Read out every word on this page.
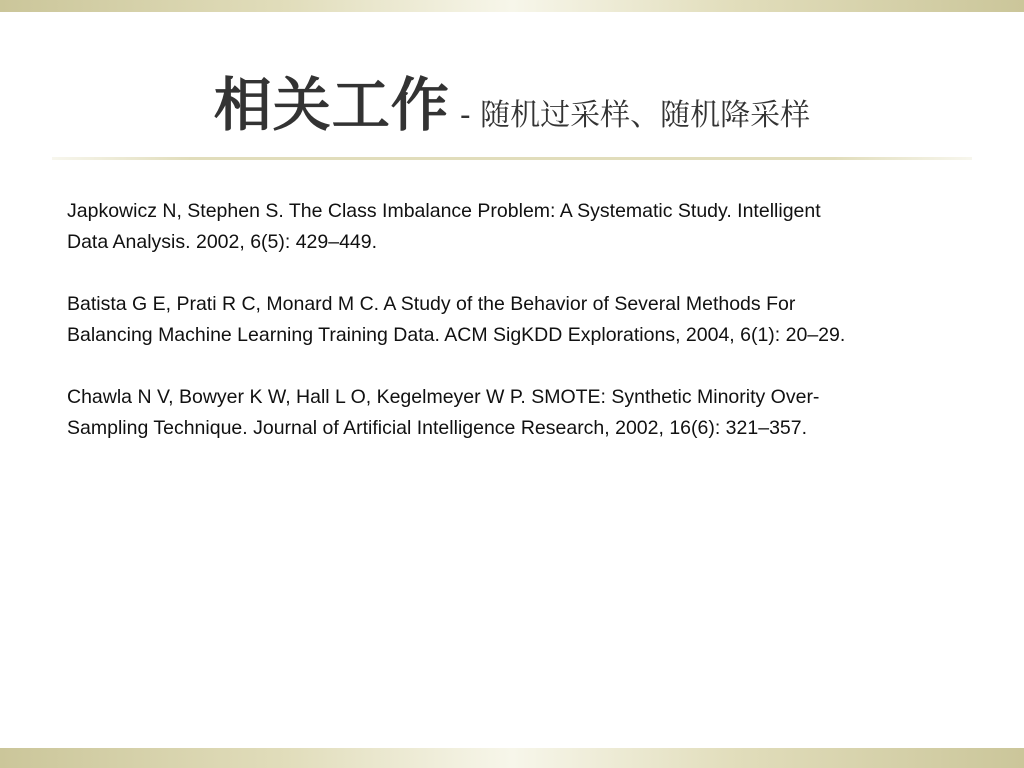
相关工作 - 随机过采样、随机降采样

Japkowicz N, Stephen S. The Class Imbalance Problem: A Systematic Study. Intelligent
Data Analysis. 2002, 6(5): 429–449.

Batista G E, Prati R C, Monard M C. A Study of the Behavior of Several Methods For
Balancing Machine Learning Training Data. ACM SigKDD Explorations, 2004, 6(1): 20–29.

Chawla N V, Bowyer K W, Hall L O, Kegelmeyer W P. SMOTE: Synthetic Minority Over-
Sampling Technique. Journal of Artificial Intelligence Research, 2002, 16(6): 321–357.
